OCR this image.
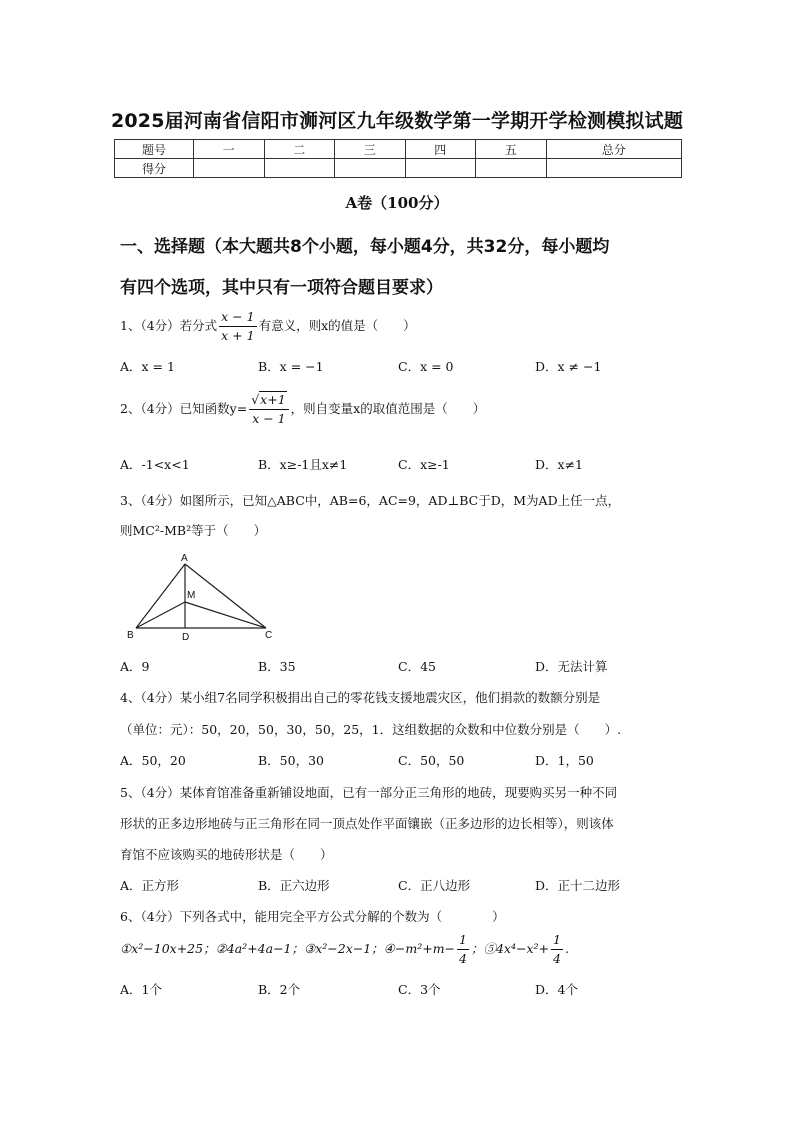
2025届河南省信阳市浉河区九年级数学第一学期开学检测模拟试题
题号	一	二	三	四	五	总分
得分						
A卷（100分）
一、选择题（本大题共8个小题，每小题4分，共32分，每小题均
有四个选项，其中只有一项符合题目要求）
1、（4分）若分式 $\frac{x - 1}{x + 1}$ 有意义，则x的值是（　　）
A．x = 1	B．x = −1	C．x = 0	D．x ≠ −1
2、（4分）已知函数$y= \frac{√x+1}{x - 1}$ ，则自变量x的取值范围是（　　）
A．-1<x<1	B．x≥-1且x≠1	C．x≥-1	D．x≠1
3、（4分）如图所示，已知△ABC中，AB=6，AC=9，AD⊥BC于D，M为AD上任一点，
则MC²-MB²等于（　　）
A
M
B	D	C
A．9	B．35	C．45	D．无法计算
4、（4分）某小组7名同学积极捐出自己的零花钱支援地震灾区，他们捐款的数额分别是
（单位：元）：50，20，50，30，50，25，1．这组数据的众数和中位数分别是（　　）.
A．50，20	B．50，30	C．50，50	D．1，50
5、（4分）某体育馆准备重新铺设地面，已有一部分正三角形的地砖，现要购买另一种不同
形状的正多边形地砖与正三角形在同一顶点处作平面镶嵌（正多边形的边长相等），则该体
育馆不应该购买的地砖形状是（　　）
A．正方形	B．正六边形	C．正八边形	D．正十二边形
6、（4分）下列各式中，能用完全平方公式分解的个数为（　　　　）
①x²−10x+25；②4a²+4a−1；③x²−2x−1；④−m²+m− $\frac{1}{4}$ ；⑤4x⁴−x²+ $\frac{1}{4}$ .
A．1个	B．2个	C．3个	D．4个
